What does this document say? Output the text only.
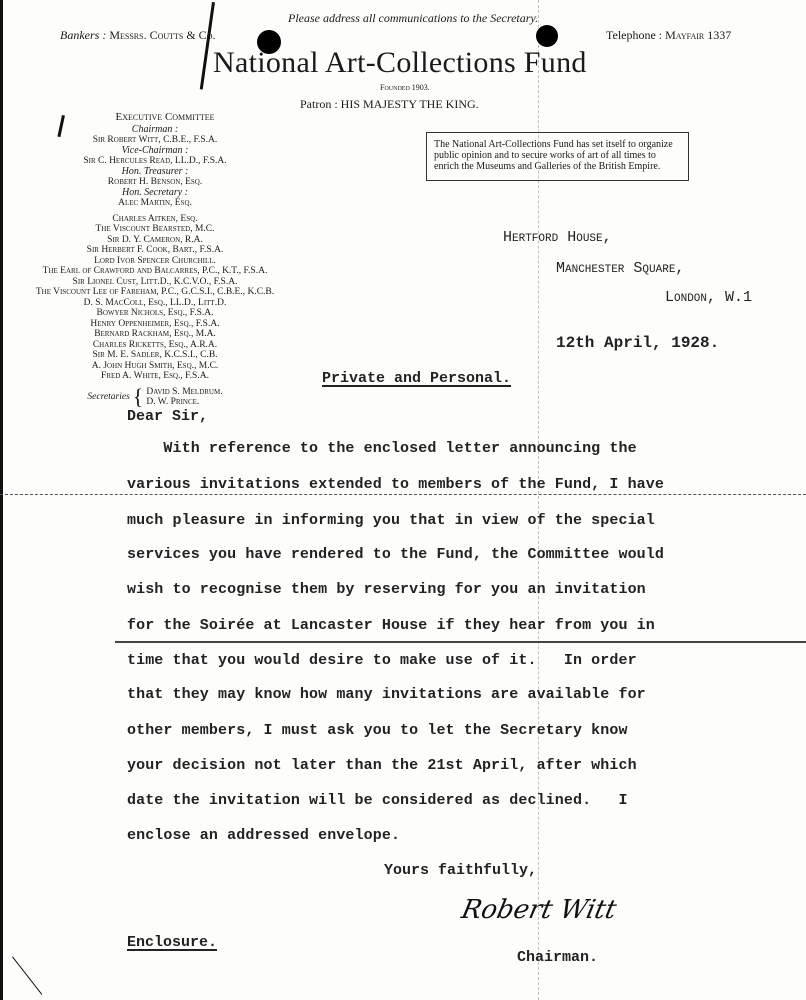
Please address all communications to the Secretary.
Bankers : Messrs. Coutts & Co.	Telephone : Mayfair 1337
National Art-Collections Fund
Founded 1903.
Patron : HIS MAJESTY THE KING.
Executive Committee
Chairman :
Sir Robert Witt, C.B.E., F.S.A.
Vice-Chairman :
Sir C. Hercules Read, LL.D., F.S.A.
Hon. Treasurer :
Robert H. Benson, Esq.
Hon. Secretary :
Alec Martin, Esq.
Charles Aitken, Esq.
The Viscount Bearsted, M.C.
Sir D. Y. Cameron, R.A.
Sir Herbert F. Cook, Bart., F.S.A.
Lord Ivor Spencer Churchill.
The Earl of Crawford and Balcarres, P.C., K.T., F.S.A.
Sir Lionel Cust, Litt.D., K.C.V.O., F.S.A.
The Viscount Lee of Fareham, P.C., G.C.S.I., C.B.E., K.C.B.
D. S. MacColl, Esq., LL.D., Litt.D.
Bowyer Nichols, Esq., F.S.A.
Henry Oppenheimer, Esq., F.S.A.
Bernard Rackham, Esq., M.A.
Charles Ricketts, Esq., A.R.A.
Sir M. E. Sadler, K.C.S.I., C.B.
A. John Hugh Smith, Esq., M.C.
Fred A. White, Esq., F.S.A.
Secretaries { David S. Meldrum.
D. W. Prince.
The National Art-Collections Fund has set itself to organize public opinion and to secure works of art of all times to enrich the Museums and Galleries of the British Empire.
Hertford House,
Manchester Square,
London, W.1
12th April, 1928.
Private and Personal.
Dear Sir,
With reference to the enclosed letter announcing the
various invitations extended to members of the Fund, I have
much pleasure in informing you that in view of the special
services you have rendered to the Fund, the Committee would
wish to recognise them by reserving for you an invitation
for the Soirée at Lancaster House if they hear from you in
time that you would desire to make use of it.   In order
that they may know how many invitations are available for
other members, I must ask you to let the Secretary know
your decision not later than the 21st April, after which
date the invitation will be considered as declined.   I
enclose an addressed envelope.
Yours faithfully,
Robert Witt
Chairman.
Enclosure.
